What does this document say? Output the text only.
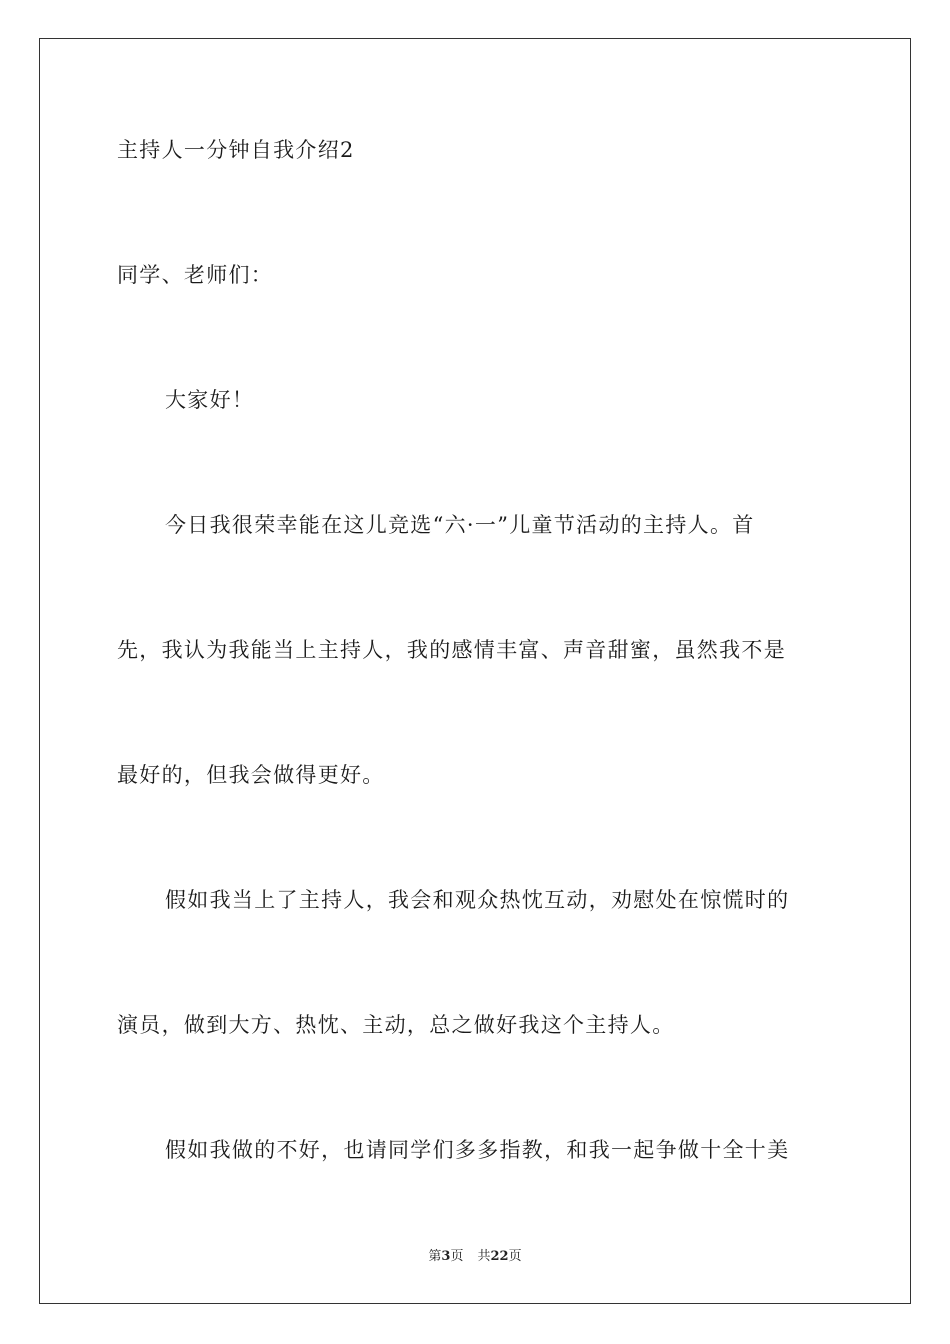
主持人一分钟自我介绍2
同学、老师们：
大家好！
今日我很荣幸能在这儿竞选“六·一”儿童节活动的主持人。首
先，我认为我能当上主持人，我的感情丰富、声音甜蜜，虽然我不是
最好的，但我会做得更好。
假如我当上了主持人，我会和观众热忱互动，劝慰处在惊慌时的
演员，做到大方、热忱、主动，总之做好我这个主持人。
假如我做的不好，也请同学们多多指教，和我一起争做十全十美
第3页 共22页
